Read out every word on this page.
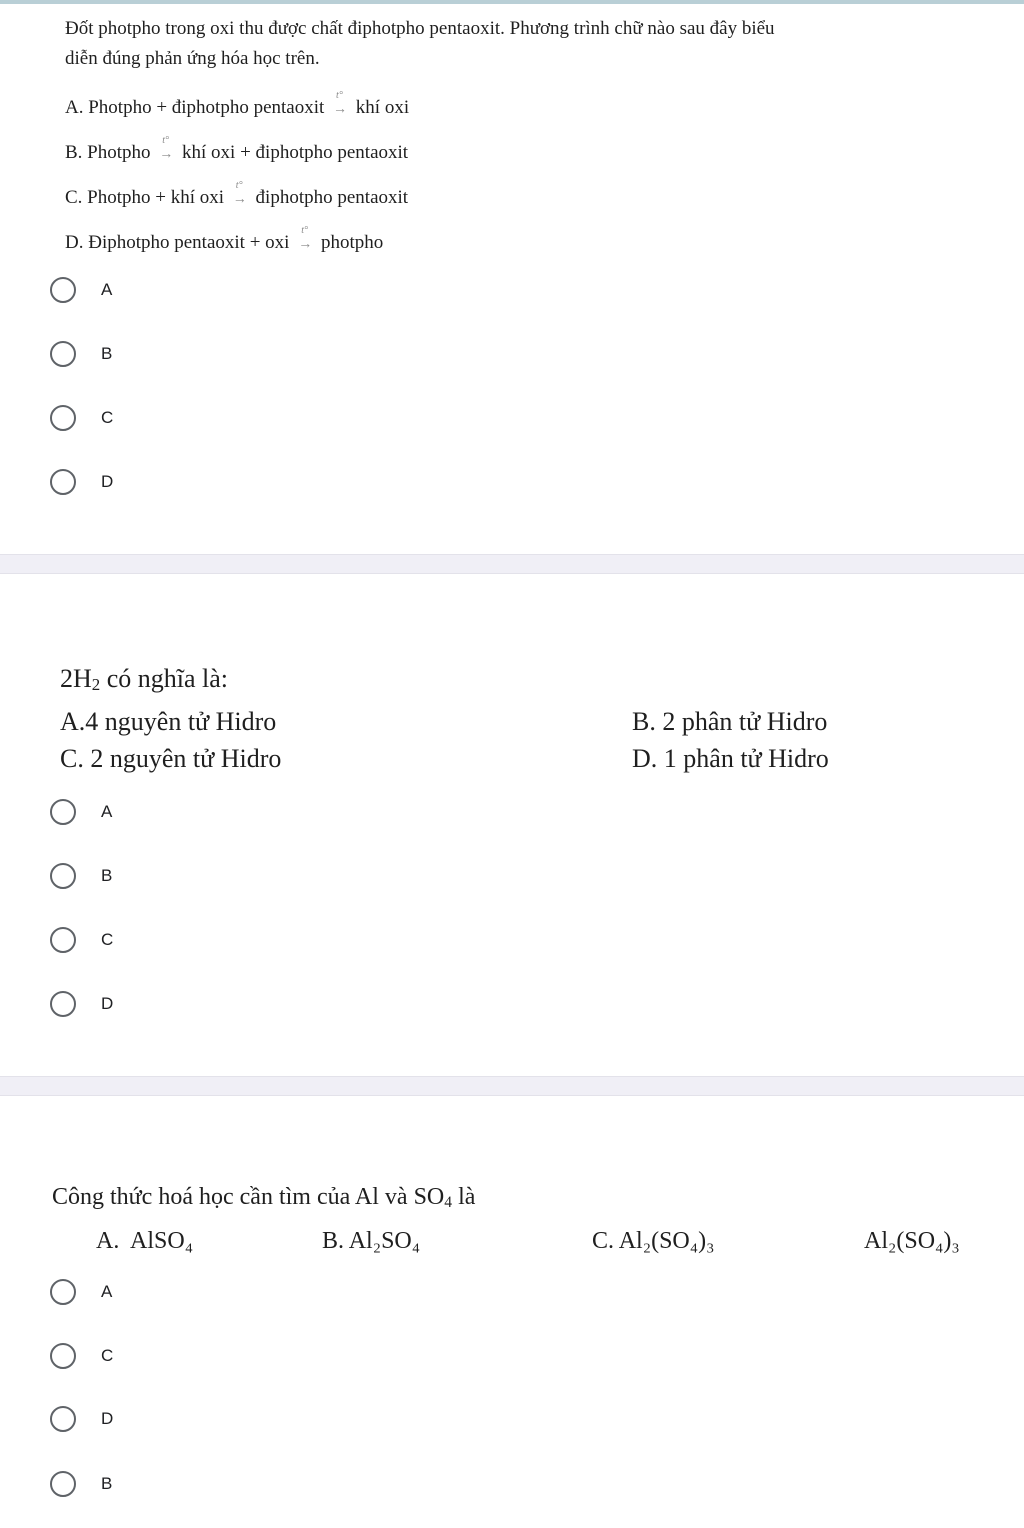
Đốt photpho trong oxi thu được chất điphotpho pentaoxit. Phương trình chữ nào sau đây biểu
diễn đúng phản ứng hóa học trên.
A. Photpho + điphotpho pentaoxit
t°
→ khí oxi
B. Photpho
t°
→ khí oxi + điphotpho pentaoxit
C. Photpho + khí oxi
t°
→ điphotpho pentaoxit
D. Điphotpho pentaoxit + oxi
t°
→ photpho
A
B
C
D
$2H_2$ có nghĩa là:
A.4 nguyên tử Hidro	B. 2 phân tử Hidro
C. 2 nguyên tử Hidro	D. 1 phân tử Hidro
A
B
C
D
Công thức hoá học cần tìm của Al và $SO_4$ là
A. AlSO₄	B. Al₂SO₄	C. Al₂(SO₄)₃	Al₂(SO₄)₃
A
C
D
B
